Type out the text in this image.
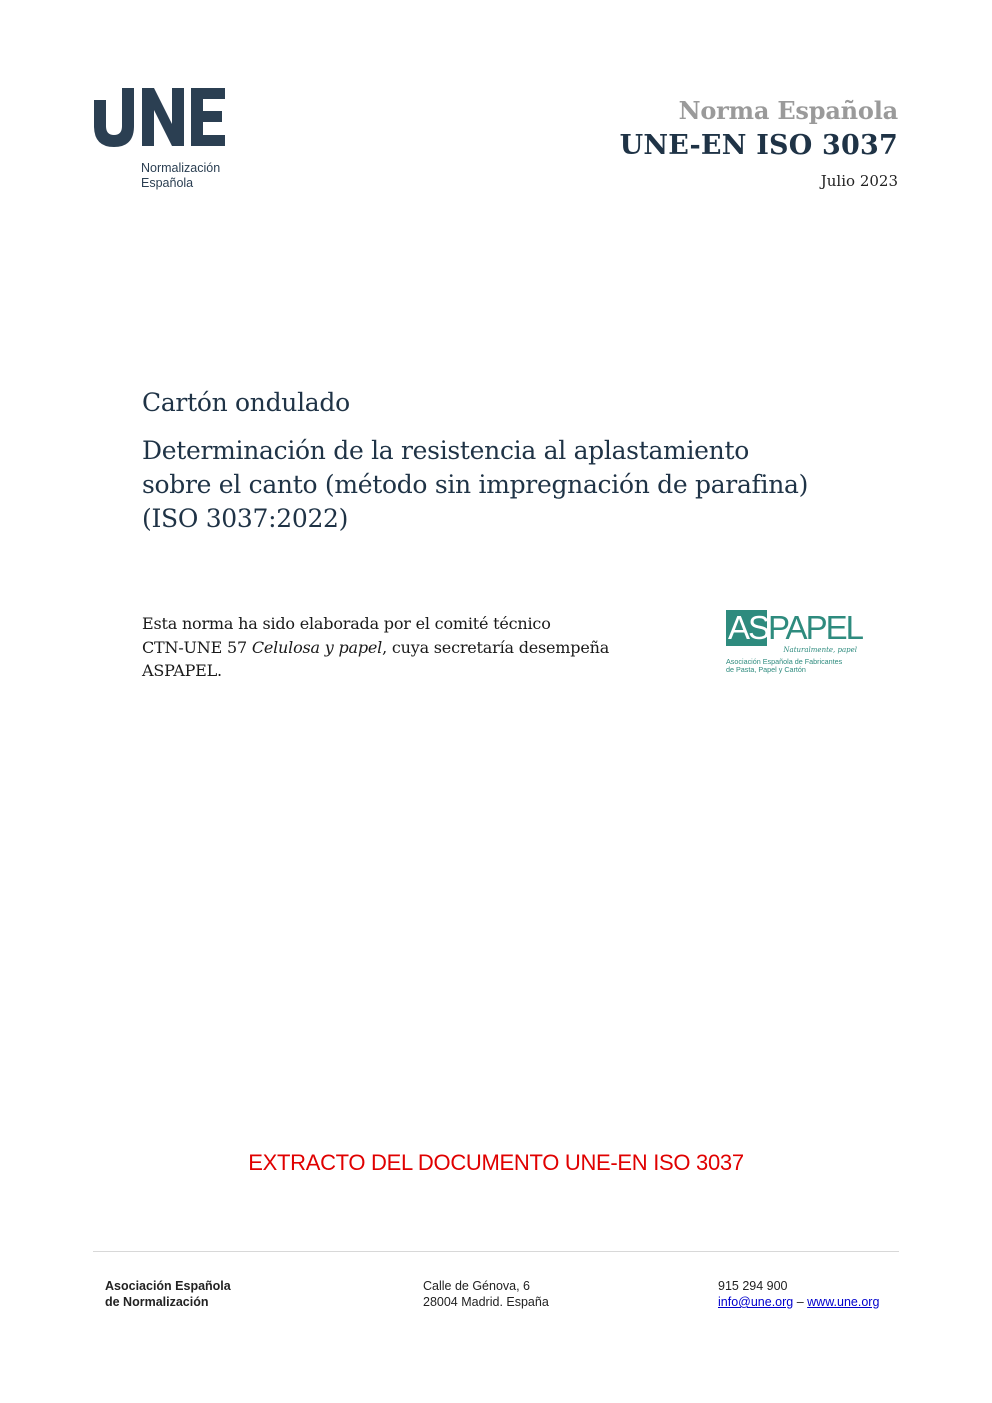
Normalización
Española
Norma Española
UNE-EN ISO 3037
Julio 2023
Cartón ondulado
Determinación de la resistencia al aplastamiento
sobre el canto (método sin impregnación de parafina)
(ISO 3037:2022)
Esta norma ha sido elaborada por el comité técnico
CTN-UNE 57 Celulosa y papel, cuya secretaría desempeña
ASPAPEL.
AS PAPEL
Naturalmente, papel
Asociación Española de Fabricantes
de Pasta, Papel y Cartón
EXTRACTO DEL DOCUMENTO UNE-EN ISO 3037
Asociación Española
de Normalización
Calle de Génova, 6
28004 Madrid. España
915 294 900
info@une.org – www.une.org
